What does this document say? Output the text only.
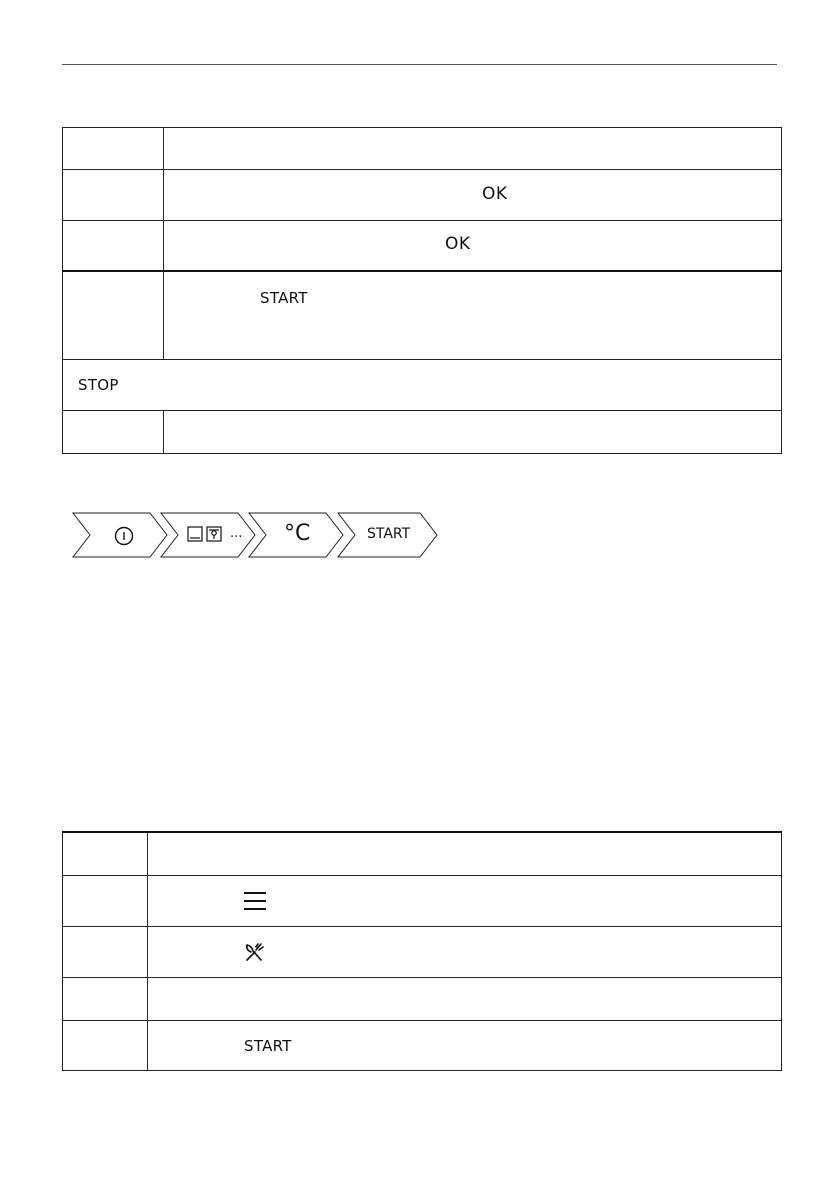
	OK

	OK

	START

STOP	

... °C	START

	START
